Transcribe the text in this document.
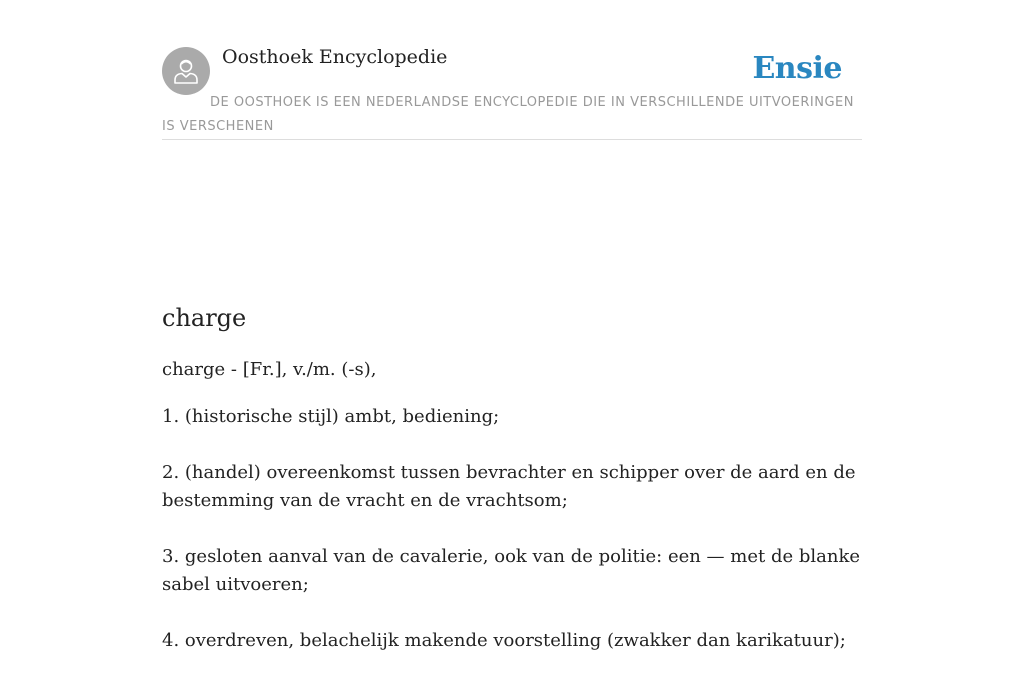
Oosthoek Encyclopedie	Ensie

DE OOSTHOEK IS EEN NEDERLANDSE ENCYCLOPEDIE DIE IN VERSCHILLENDE UITVOERINGEN IS VERSCHENEN

charge

charge - [Fr.], v./m. (-s),

1. (historische stijl) ambt, bediening;
2. (handel) overeenkomst tussen bevrachter en schipper over de aard en de bestemming van de vracht en de vrachtsom;
3. gesloten aanval van de cavalerie, ook van de politie: een — met de blanke sabel uitvoeren;
4. overdreven, belachelijk makende voorstelling (zwakker dan karikatuur);
